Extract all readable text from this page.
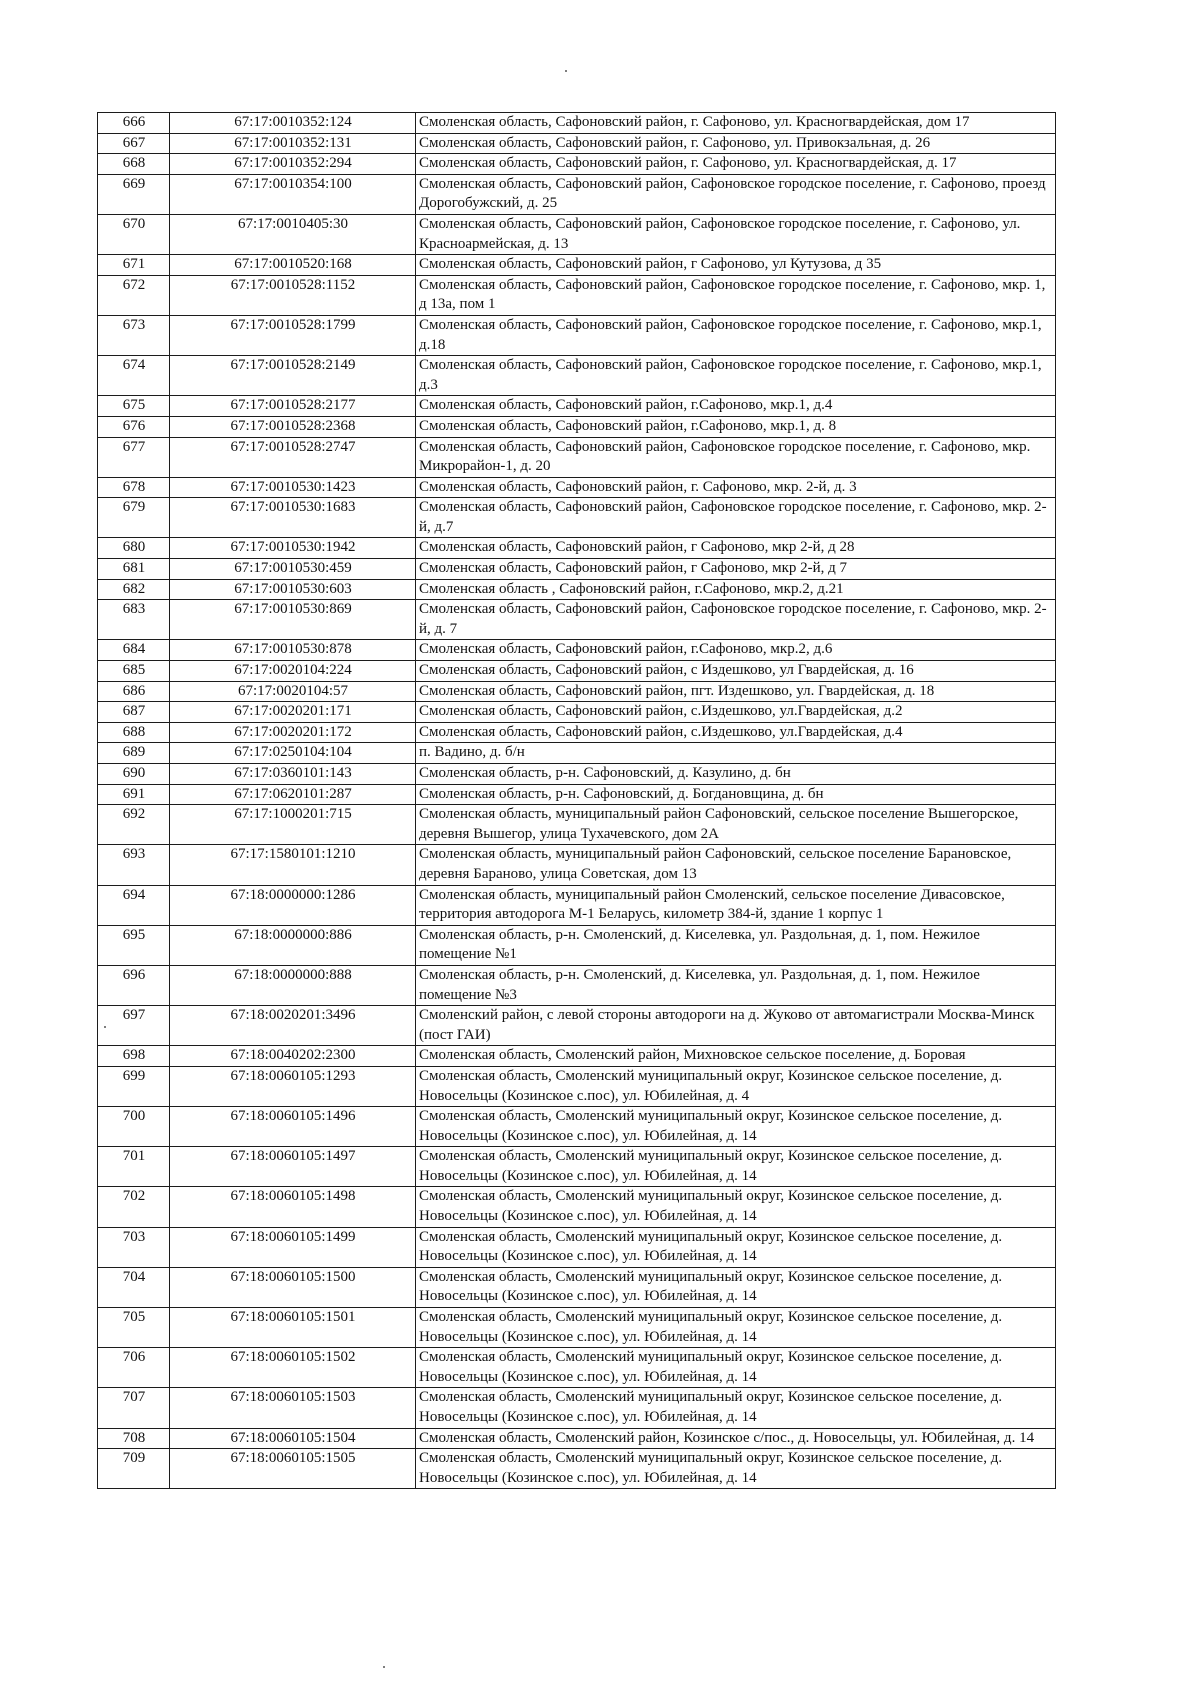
666	67:17:0010352:124	Смоленская область, Сафоновский район, г. Сафоново, ул. Красногвардейская, дом 17

667	67:17:0010352:131	Смоленская область, Сафоновский район, г. Сафоново, ул. Привокзальная, д. 26

668	67:17:0010352:294	Смоленская область, Сафоновский район, г. Сафоново, ул. Красногвардейская, д. 17

669	67:17:0010354:100	Смоленская область, Сафоновский район, Сафоновское городское поселение, г. Сафоново, проезд Дорогобужский, д. 25

670	67:17:0010405:30	Смоленская область, Сафоновский район, Сафоновское городское поселение, г. Сафоново, ул. Красноармейская, д. 13

671	67:17:0010520:168	Смоленская область, Сафоновский район, г Сафоново, ул Кутузова, д 35

672	67:17:0010528:1152	Смоленская область, Сафоновский район, Сафоновское городское поселение, г. Сафоново, мкр. 1, д 13а, пом 1

673	67:17:0010528:1799	Смоленская область, Сафоновский район, Сафоновское городское поселение, г. Сафоново, мкр.1, д.18

674	67:17:0010528:2149	Смоленская область, Сафоновский район, Сафоновское городское поселение, г. Сафоново, мкр.1, д.3

675	67:17:0010528:2177	Смоленская область, Сафоновский район, г.Сафоново, мкр.1, д.4

676	67:17:0010528:2368	Смоленская область, Сафоновский район, г.Сафоново, мкр.1, д. 8

677	67:17:0010528:2747	Смоленская область, Сафоновский район, Сафоновское городское поселение, г. Сафоново, мкр. Микрорайон-1, д. 20

678	67:17:0010530:1423	Смоленская область, Сафоновский район, г. Сафоново, мкр. 2-й, д. 3

679	67:17:0010530:1683	Смоленская область, Сафоновский район, Сафоновское городское поселение, г. Сафоново, мкр. 2-й, д.7

680	67:17:0010530:1942	Смоленская область, Сафоновский район, г Сафоново, мкр 2-й, д 28

681	67:17:0010530:459	Смоленская область, Сафоновский район, г Сафоново, мкр 2-й, д 7

682	67:17:0010530:603	Смоленская область , Сафоновский район, г.Сафоново, мкр.2, д.21

683	67:17:0010530:869	Смоленская область, Сафоновский район, Сафоновское городское поселение, г. Сафоново, мкр. 2-й, д. 7

684	67:17:0010530:878	Смоленская область, Сафоновский район, г.Сафоново, мкр.2, д.6

685	67:17:0020104:224	Смоленская область, Сафоновский район, с Издешково, ул Гвардейская, д. 16

686	67:17:0020104:57	Смоленская область, Сафоновский район, пгт. Издешково, ул. Гвардейская, д. 18

687	67:17:0020201:171	Смоленская область, Сафоновский район, с.Издешково, ул.Гвардейская, д.2

688	67:17:0020201:172	Смоленская область, Сафоновский район, с.Издешково, ул.Гвардейская, д.4

689	67:17:0250104:104	п. Вадино, д. б/н

690	67:17:0360101:143	Смоленская область, р-н. Сафоновский, д. Казулино, д. бн

691	67:17:0620101:287	Смоленская область, р-н. Сафоновский, д. Богдановщина, д. бн

692	67:17:1000201:715	Смоленская область, муниципальный район Сафоновский, сельское поселение Вышегорское, деревня Вышегор, улица Тухачевского, дом 2А

693	67:17:1580101:1210	Смоленская область, муниципальный район Сафоновский, сельское поселение Барановское, деревня Бараново, улица Советская, дом 13

694	67:18:0000000:1286	Смоленская область, муниципальный район Смоленский, сельское поселение Дивасовское, территория автодорога М-1 Беларусь, километр 384-й, здание 1 корпус 1

695	67:18:0000000:886	Смоленская область, р-н. Смоленский, д. Киселевка, ул. Раздольная, д. 1, пом. Нежилое помещение №1

696	67:18:0000000:888	Смоленская область, р-н. Смоленский, д. Киселевка, ул. Раздольная, д. 1, пом. Нежилое помещение №3

697	67:18:0020201:3496	Смоленский район, с левой стороны автодороги на д. Жуково от автомагистрали Москва-Минск (пост ГАИ)

698	67:18:0040202:2300	Смоленская область, Смоленский район, Михновское сельское поселение, д. Боровая

699	67:18:0060105:1293	Смоленская область, Смоленский муниципальный округ, Козинское сельское поселение, д. Новосельцы (Козинское с.пос), ул. Юбилейная, д. 4

700	67:18:0060105:1496	Смоленская область, Смоленский муниципальный округ, Козинское сельское поселение, д. Новосельцы (Козинское с.пос), ул. Юбилейная, д. 14

701	67:18:0060105:1497	Смоленская область, Смоленский муниципальный округ, Козинское сельское поселение, д. Новосельцы (Козинское с.пос), ул. Юбилейная, д. 14

702	67:18:0060105:1498	Смоленская область, Смоленский муниципальный округ, Козинское сельское поселение, д. Новосельцы (Козинское с.пос), ул. Юбилейная, д. 14

703	67:18:0060105:1499	Смоленская область, Смоленский муниципальный округ, Козинское сельское поселение, д. Новосельцы (Козинское с.пос), ул. Юбилейная, д. 14

704	67:18:0060105:1500	Смоленская область, Смоленский муниципальный округ, Козинское сельское поселение, д. Новосельцы (Козинское с.пос), ул. Юбилейная, д. 14

705	67:18:0060105:1501	Смоленская область, Смоленский муниципальный округ, Козинское сельское поселение, д. Новосельцы (Козинское с.пос), ул. Юбилейная, д. 14

706	67:18:0060105:1502	Смоленская область, Смоленский муниципальный округ, Козинское сельское поселение, д. Новосельцы (Козинское с.пос), ул. Юбилейная, д. 14

707	67:18:0060105:1503	Смоленская область, Смоленский муниципальный округ, Козинское сельское поселение, д. Новосельцы (Козинское с.пос), ул. Юбилейная, д. 14

708	67:18:0060105:1504	Смоленская область, Смоленский район, Козинское с/пос., д. Новосельцы, ул. Юбилейная, д. 14

709	67:18:0060105:1505	Смоленская область, Смоленский муниципальный округ, Козинское сельское поселение, д. Новосельцы (Козинское с.пос), ул. Юбилейная, д. 14
